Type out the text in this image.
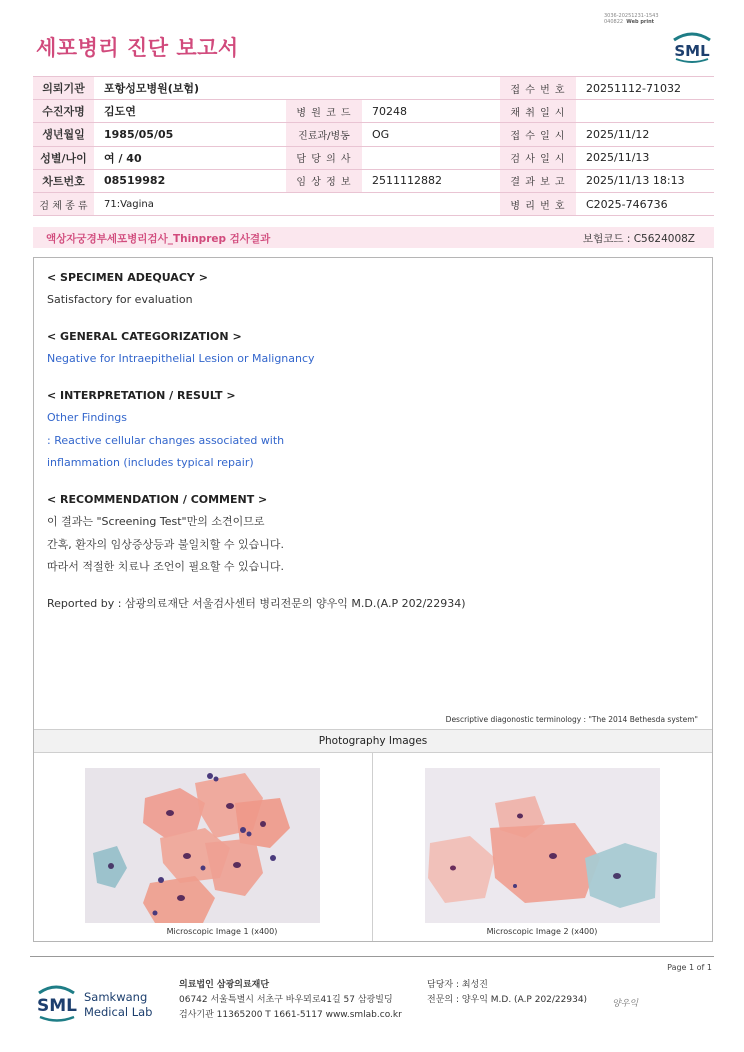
3036-20251231-1543
040822 Web print
세포병리 진단 보고서	SML
의뢰기관	포항성모병원(보험)			접 수 번 호	20251112-71032
수진자명	김도연	병 원 코 드	70248	채 취 일 시	
생년월일	1985/05/05	진료과/병동	OG	접 수 일 시	2025/11/12
성별/나이	여 / 40	담 당 의 사		검 사 일 시	2025/11/13
차트번호	08519982	임 상 정 보	2511112882	결 과 보 고	2025/11/13 18:13
검 체 종 류	71:Vagina			병 리 번 호	C2025-746736
액상자궁경부세포병리검사_Thinprep 검사결과	보험코드 : C5624008Z
< SPECIMEN ADEQUACY >
Satisfactory for evaluation
< GENERAL CATEGORIZATION >
Negative for Intraepithelial Lesion or Malignancy
< INTERPRETATION / RESULT >
Other Findings
: Reactive cellular changes associated with
inflammation (includes typical repair)
< RECOMMENDATION / COMMENT >
이 결과는 "Screening Test"만의 소견이므로
간혹, 환자의 임상증상등과 불일치할 수 있습니다.
따라서 적절한 치료나 조언이 필요할 수 있습니다.
Reported by : 삼광의료재단 서울검사센터 병리전문의 양우익 M.D.(A.P 202/22934)
Descriptive diagonostic terminology : "The 2014 Bethesda system"
Photography Images
Microscopic Image 1 (x400)	Microscopic Image 2 (x400)
Page 1 of 1
SML Samkwang
Medical Lab
의료법인 삼광의료재단
06742 서울특별시 서초구 바우뫼로41길 57 삼광빌딩
검사기관 11365200 T 1661-5117 www.smlab.co.kr
담당자 : 최성진
전문의 : 양우익 M.D. (A.P 202/22934)	양우익
